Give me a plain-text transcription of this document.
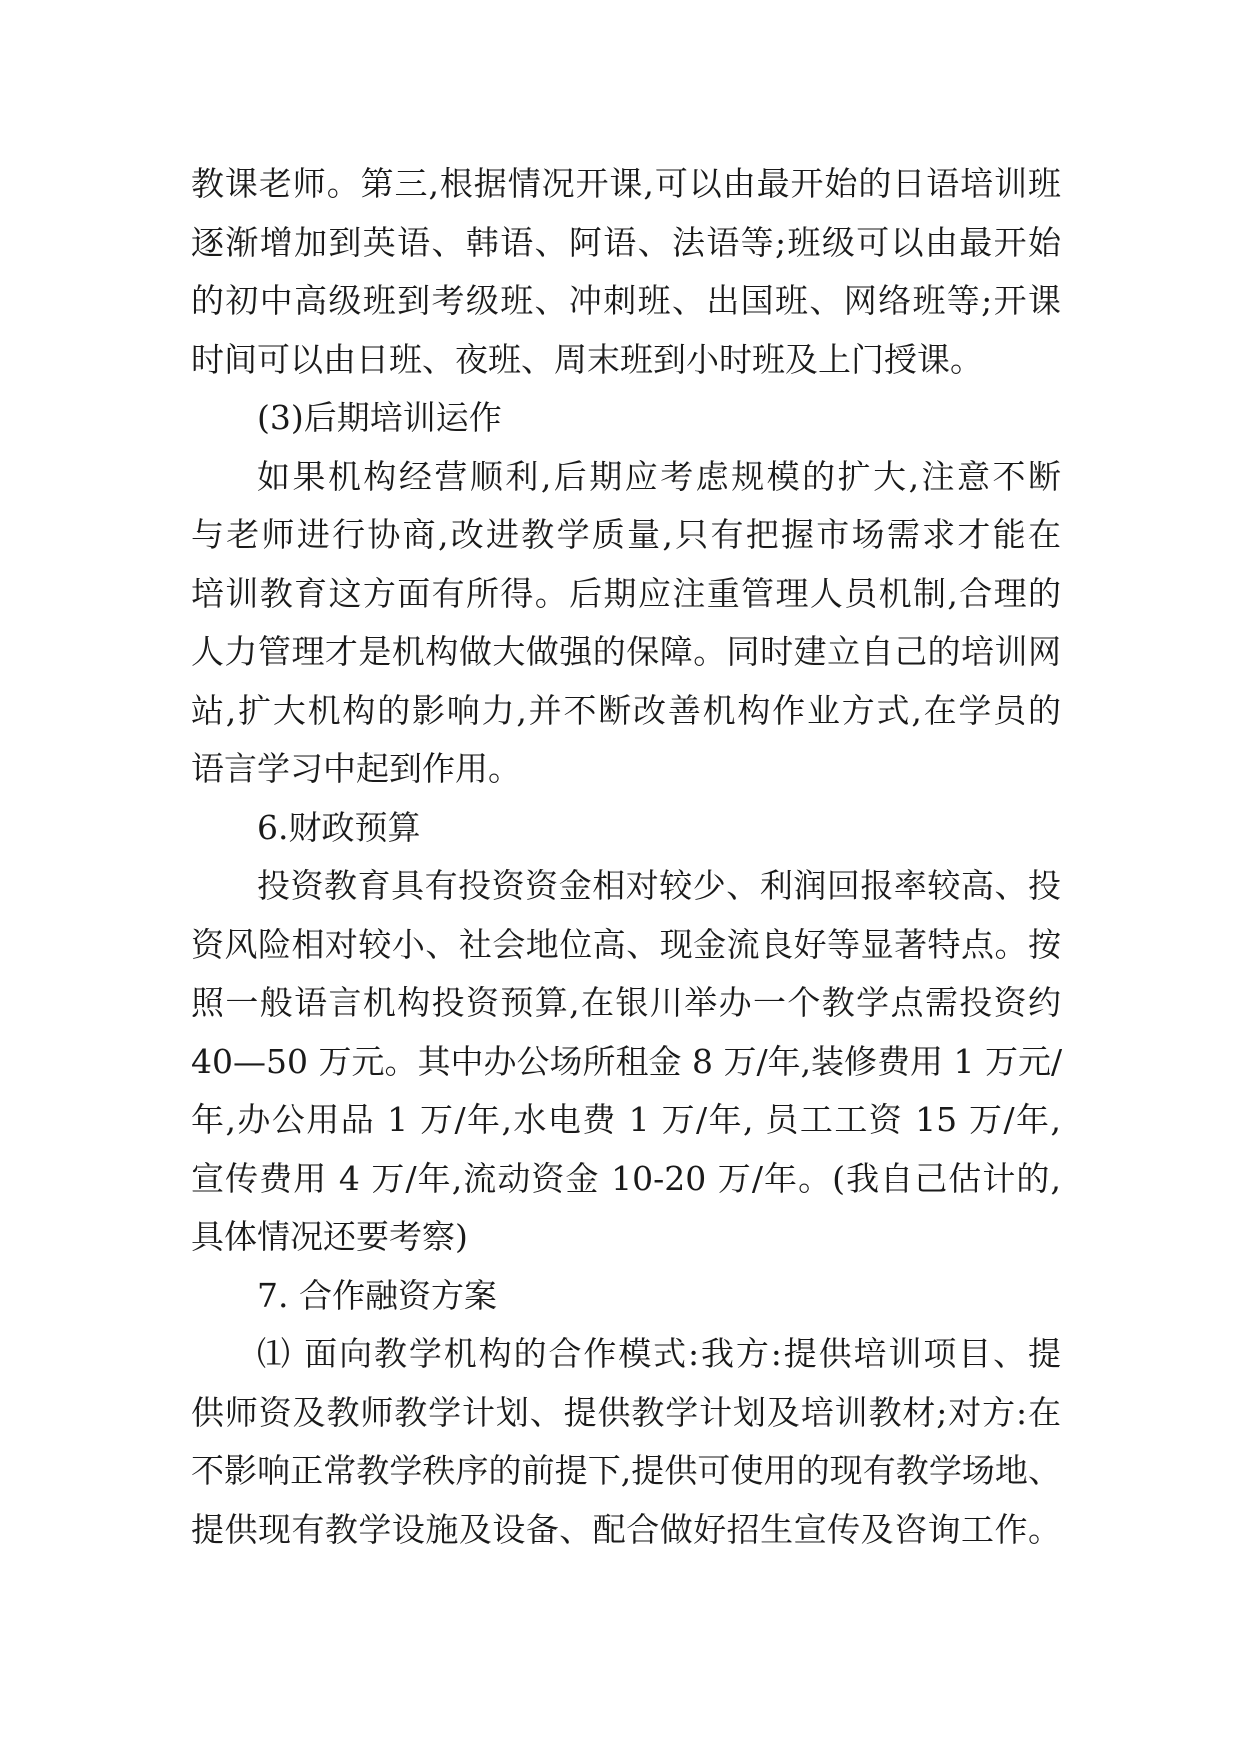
教课老师。第三,根据情况开课,可以由最开始的日语培训班
逐渐增加到英语、韩语、阿语、法语等;班级可以由最开始
的初中高级班到考级班、冲刺班、出国班、网络班等;开课
时间可以由日班、夜班、周末班到小时班及上门授课。
(3)后期培训运作
如果机构经营顺利,后期应考虑规模的扩大,注意不断
与老师进行协商,改进教学质量,只有把握市场需求才能在
培训教育这方面有所得。后期应注重管理人员机制,合理的
人力管理才是机构做大做强的保障。同时建立自己的培训网
站,扩大机构的影响力,并不断改善机构作业方式,在学员的
语言学习中起到作用。
6.财政预算
投资教育具有投资资金相对较少、利润回报率较高、投
资风险相对较小、社会地位高、现金流良好等显著特点。按
照一般语言机构投资预算,在银川举办一个教学点需投资约
40—50 万元。其中办公场所租金 8 万/年,装修费用 1 万元/
年,办公用品 1 万/年,水电费 1 万/年, 员工工资 15 万/年,
宣传费用 4 万/年,流动资金 10-20 万/年。(我自己估计的,
具体情况还要考察)
7. 合作融资方案
⑴ 面向教学机构的合作模式:我方:提供培训项目、提
供师资及教师教学计划、提供教学计划及培训教材;对方:在
不影响正常教学秩序的前提下,提供可使用的现有教学场地、
提供现有教学设施及设备、配合做好招生宣传及咨询工作。
